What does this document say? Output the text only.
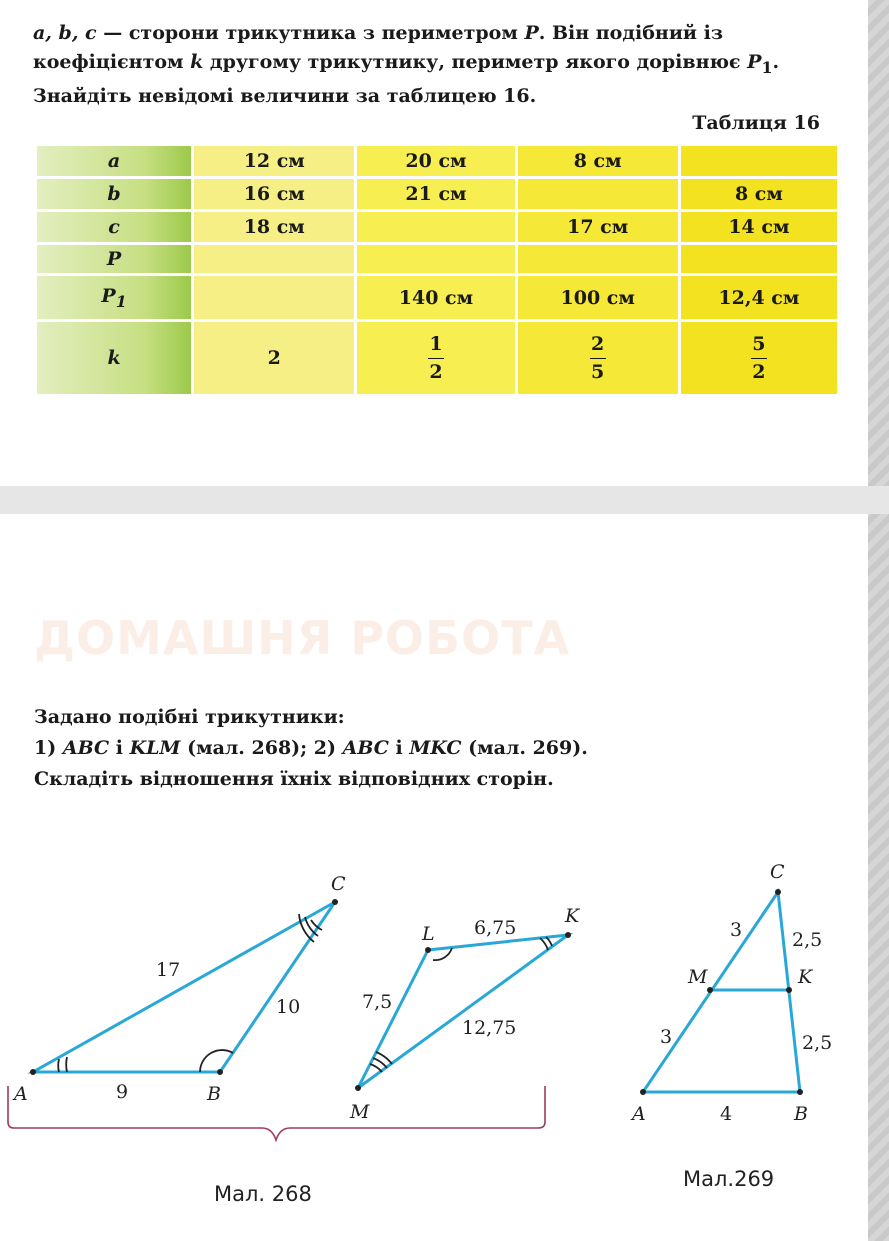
a, b, c — сторони трикутника з периметром P. Він подібний із

коефіцієнтом k другому трикутнику, периметр якого дорівнює $P_1$.

Знайдіть невідомі величини за таблицею 16.

Таблиця 16
a	12 см	20 см	8 см	
b	16 см	21 см		8 см
c	18 см		17 см	14 см
P				
$P_1$		140 см	100 см	12,4 см
k	2	$\frac{1}{2}$	$\frac{2}{5}$	$\frac{5}{2}$
ДОМАШНЯ РОБОТА

Задано подібні трикутники:

1) ABC і KLM (мал. 268); 2) ABC і MKC (мал. 269).

Складіть відношення їхніх відповідних сторін.

A	B
C
17
10
9
L
K
M
6,75
7,5
12,75
Мал. 268
C
M	K
A	B
3	2,5
3	2,5
4
Мал.269
